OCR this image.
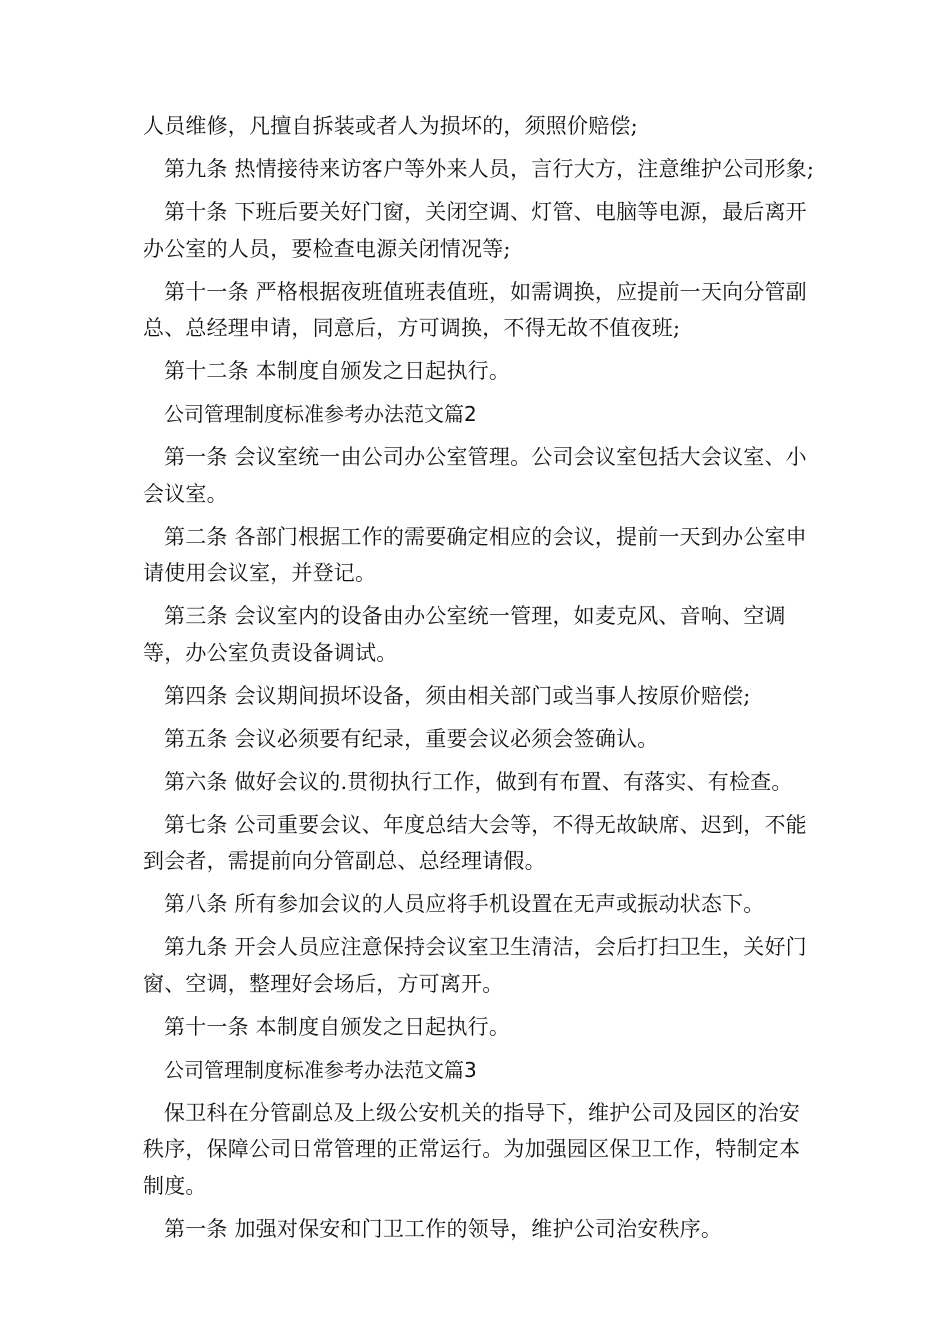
人员维修，凡擅自拆装或者人为损坏的，须照价赔偿;

第九条 热情接待来访客户等外来人员，言行大方，注意维护公司形象;

第十条 下班后要关好门窗，关闭空调、灯管、电脑等电源，最后离开办公室的人员，要检查电源关闭情况等;

第十一条 严格根据夜班值班表值班，如需调换，应提前一天向分管副总、总经理申请，同意后，方可调换，不得无故不值夜班;

第十二条 本制度自颁发之日起执行。

公司管理制度标准参考办法范文篇2

第一条 会议室统一由公司办公室管理。公司会议室包括大会议室、小会议室。

第二条 各部门根据工作的需要确定相应的会议，提前一天到办公室申请使用会议室，并登记。

第三条 会议室内的设备由办公室统一管理，如麦克风、音响、空调等，办公室负责设备调试。

第四条 会议期间损坏设备，须由相关部门或当事人按原价赔偿;

第五条 会议必须要有纪录，重要会议必须会签确认。

第六条 做好会议的.贯彻执行工作，做到有布置、有落实、有检查。

第七条 公司重要会议、年度总结大会等，不得无故缺席、迟到，不能到会者，需提前向分管副总、总经理请假。

第八条 所有参加会议的人员应将手机设置在无声或振动状态下。

第九条 开会人员应注意保持会议室卫生清洁，会后打扫卫生，关好门窗、空调，整理好会场后，方可离开。

第十一条 本制度自颁发之日起执行。

公司管理制度标准参考办法范文篇3

保卫科在分管副总及上级公安机关的指导下，维护公司及园区的治安秩序，保障公司日常管理的正常运行。为加强园区保卫工作，特制定本制度。

第一条 加强对保安和门卫工作的领导，维护公司治安秩序。
